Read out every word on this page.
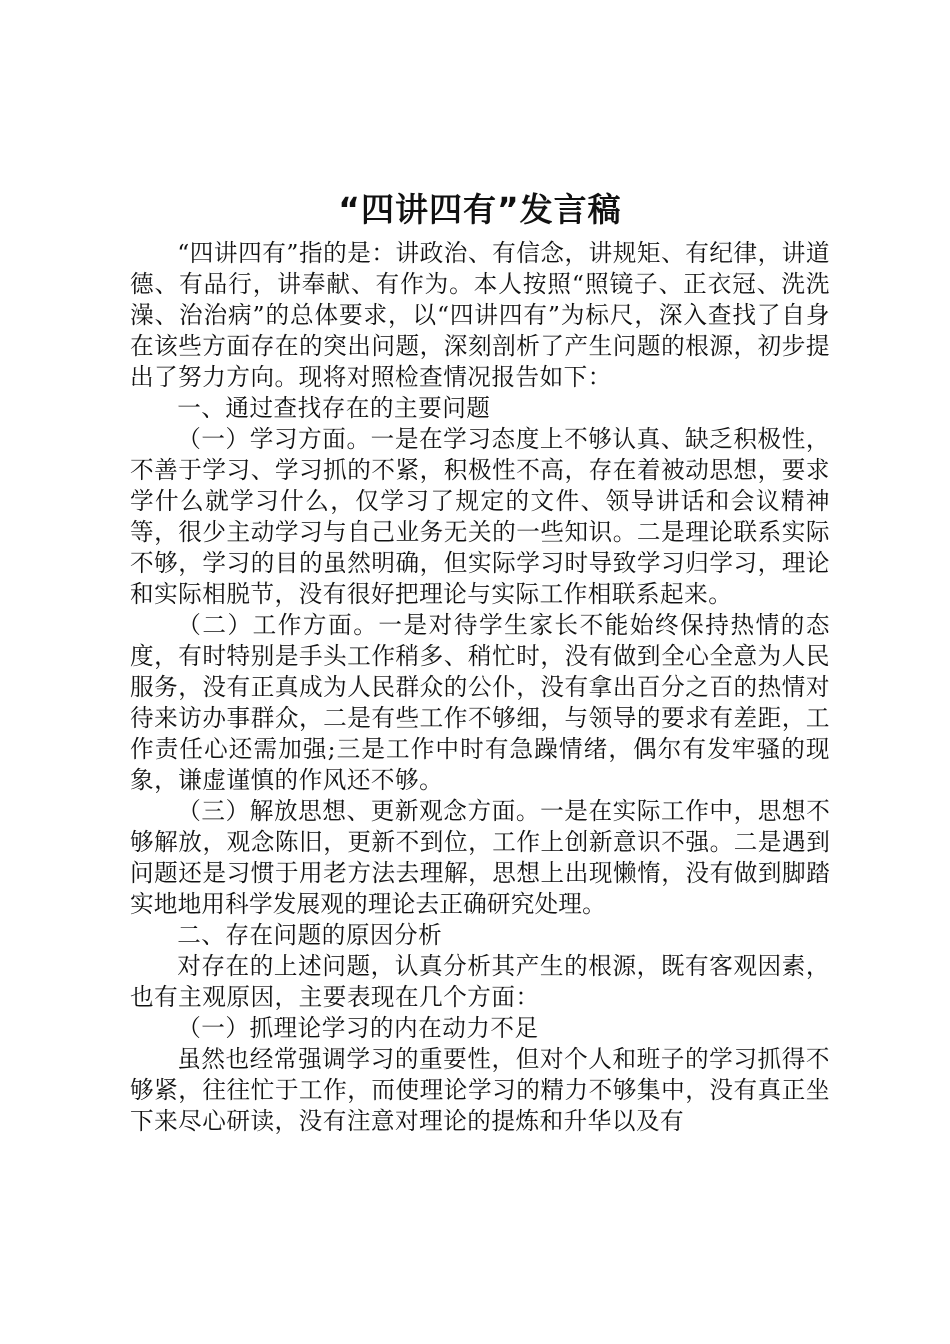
“四讲四有”发言稿

“四讲四有”指的是：讲政治、有信念，讲规矩、有纪律，讲道德、有品行，讲奉献、有作为。本人按照“照镜子、正衣冠、洗洗澡、治治病”的总体要求，以“四讲四有”为标尺，深入查找了自身在该些方面存在的突出问题，深刻剖析了产生问题的根源，初步提出了努力方向。现将对照检查情况报告如下：

一、通过查找存在的主要问题

（一）学习方面。一是在学习态度上不够认真、缺乏积极性，不善于学习、学习抓的不紧，积极性不高，存在着被动思想，要求学什么就学习什么，仅学习了规定的文件、领导讲话和会议精神等，很少主动学习与自己业务无关的一些知识。二是理论联系实际不够，学习的目的虽然明确，但实际学习时导致学习归学习，理论和实际相脱节，没有很好把理论与实际工作相联系起来。

（二）工作方面。一是对待学生家长不能始终保持热情的态度，有时特别是手头工作稍多、稍忙时，没有做到全心全意为人民服务，没有正真成为人民群众的公仆，没有拿出百分之百的热情对待来访办事群众，二是有些工作不够细，与领导的要求有差距，工作责任心还需加强;三是工作中时有急躁情绪，偶尔有发牢骚的现象，谦虚谨慎的作风还不够。

（三）解放思想、更新观念方面。一是在实际工作中，思想不够解放，观念陈旧，更新不到位，工作上创新意识不强。二是遇到问题还是习惯于用老方法去理解，思想上出现懒惰，没有做到脚踏实地地用科学发展观的理论去正确研究处理。

二、存在问题的原因分析

对存在的上述问题，认真分析其产生的根源，既有客观因素，也有主观原因，主要表现在几个方面：

（一）抓理论学习的内在动力不足

虽然也经常强调学习的重要性，但对个人和班子的学习抓得不够紧，往往忙于工作，而使理论学习的精力不够集中，没有真正坐下来尽心研读，没有注意对理论的提炼和升华以及有
